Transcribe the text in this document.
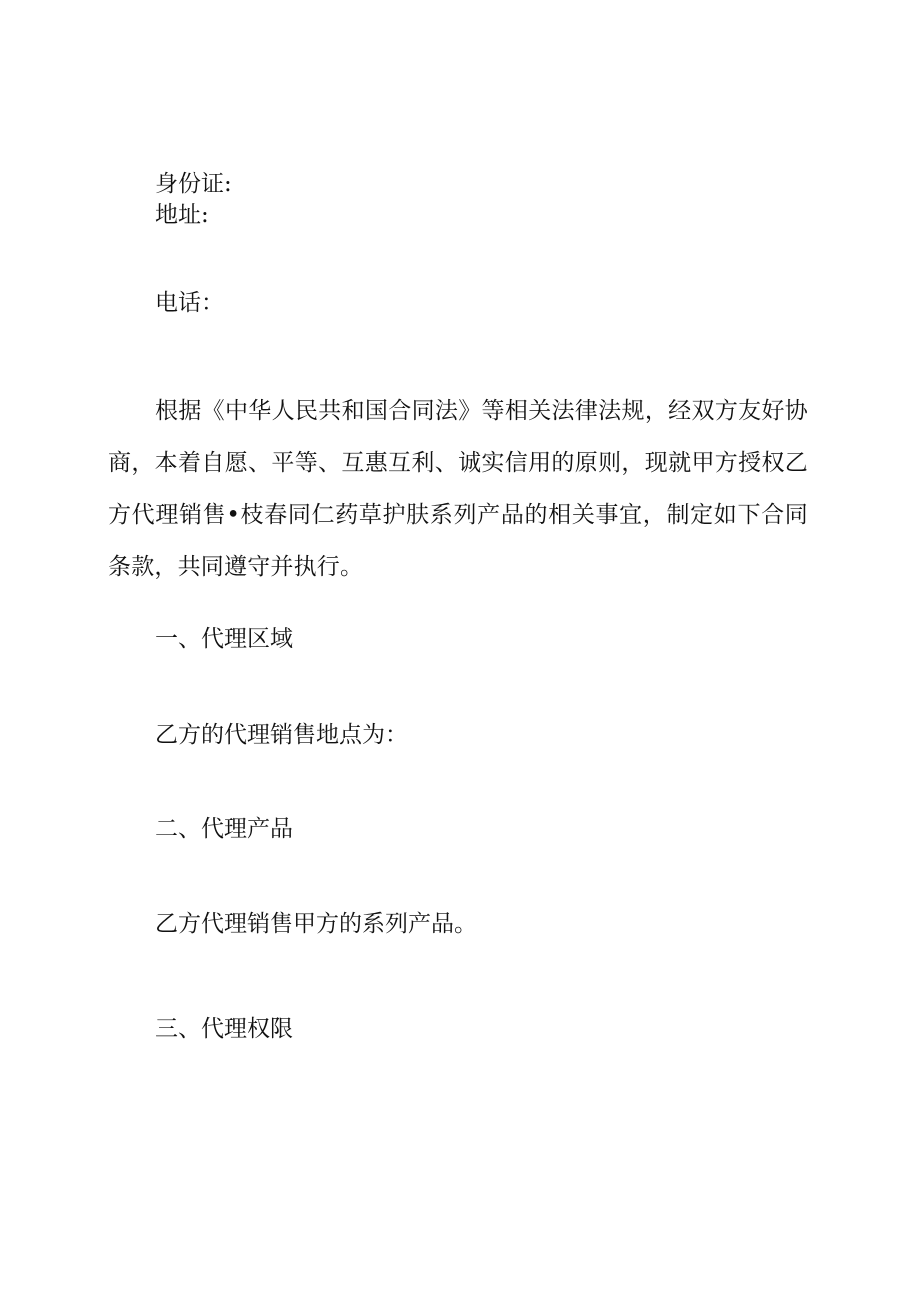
身份证:
地址:
电话：
根据《中华人民共和国合同法》等相关法律法规，经双方友好协商，本着自愿、平等、互惠互利、诚实信用的原则，现就甲方授权乙方代理销售•枝春同仁药草护肤系列产品的相关事宜，制定如下合同条款，共同遵守并执行。
一、代理区域
乙方的代理销售地点为：
二、代理产品
乙方代理销售甲方的系列产品。
三、代理权限
